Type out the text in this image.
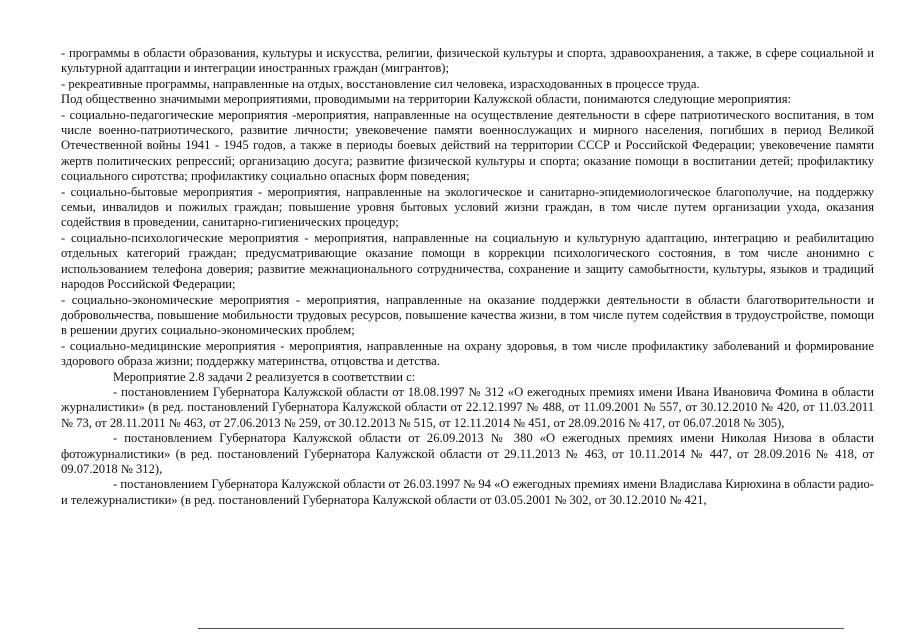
- программы в области образования, культуры и искусства, религии, физической культуры и спорта, здравоохранения, а также, в сфере социальной и культурной адаптации и интеграции иностранных граждан (мигрантов);

- рекреативные программы, направленные на отдых, восстановление сил человека, израсходованных в процессе труда.

Под общественно значимыми мероприятиями, проводимыми на территории Калужской области, понимаются следующие мероприятия:

- социально-педагогические мероприятия -мероприятия, направленные на осуществление деятельности в сфере патриотического воспитания, в том числе военно-патриотического, развитие личности; увековечение памяти военнослужащих и мирного населения, погибших в период Великой Отечественной войны 1941 - 1945 годов, а также в периоды боевых действий на территории СССР и Российской Федерации; увековечение памяти жертв политических репрессий; организацию досуга; развитие физической культуры и спорта; оказание помощи в воспитании детей; профилактику социального сиротства; профилактику социально опасных форм поведения;

- социально-бытовые мероприятия - мероприятия, направленные на экологическое и санитарно-эпидемиологическое благополучие, на поддержку семьи, инвалидов и пожилых граждан; повышение уровня бытовых условий жизни граждан, в том числе путем организации ухода, оказания содействия в проведении, санитарно-гигиенических процедур;

- социально-психологические мероприятия - мероприятия, направленные на социальную и культурную адаптацию, интеграцию и реабилитацию отдельных категорий граждан; предусматривающие оказание помощи в коррекции психологического состояния, в том числе анонимно с использованием телефона доверия; развитие межнационального сотрудничества, сохранение и защиту самобытности, культуры, языков и традиций народов Российской Федерации;

- социально-экономические мероприятия - мероприятия, направленные на оказание поддержки деятельности в области благотворительности и добровольчества, повышение мобильности трудовых ресурсов, повышение качества жизни, в том числе путем содействия в трудоустройстве, помощи в решении других социально-экономических проблем;

- социально-медицинские мероприятия - мероприятия, направленные на охрану здоровья, в том числе профилактику заболеваний и формирование здорового образа жизни; поддержку материнства, отцовства и детства.

Мероприятие 2.8 задачи 2 реализуется в соответствии с:

- постановлением Губернатора Калужской области от 18.08.1997 № 312 «О ежегодных премиях имени Ивана Ивановича Фомина в области журналистики» (в ред. постановлений Губернатора Калужской области от 22.12.1997 № 488, от 11.09.2001 № 557, от 30.12.2010 № 420, от 11.03.2011 № 73, от 28.11.2011 № 463, от 27.06.2013 № 259, от 30.12.2013 № 515, от 12.11.2014 № 451, от 28.09.2016 № 417, от 06.07.2018 № 305),

- постановлением Губернатора Калужской области от 26.09.2013 № 380 «О ежегодных премиях имени Николая Низова в области фотожурналистики» (в ред. постановлений Губернатора Калужской области от 29.11.2013 № 463, от 10.11.2014 № 447, от 28.09.2016 № 418, от 09.07.2018 № 312),

- постановлением Губернатора Калужской области от 26.03.1997 № 94 «О ежегодных премиях имени Владислава Кирюхина в области радио- и тележурналистики» (в ред. постановлений Губернатора Калужской области от 03.05.2001 № 302, от 30.12.2010 № 421,
